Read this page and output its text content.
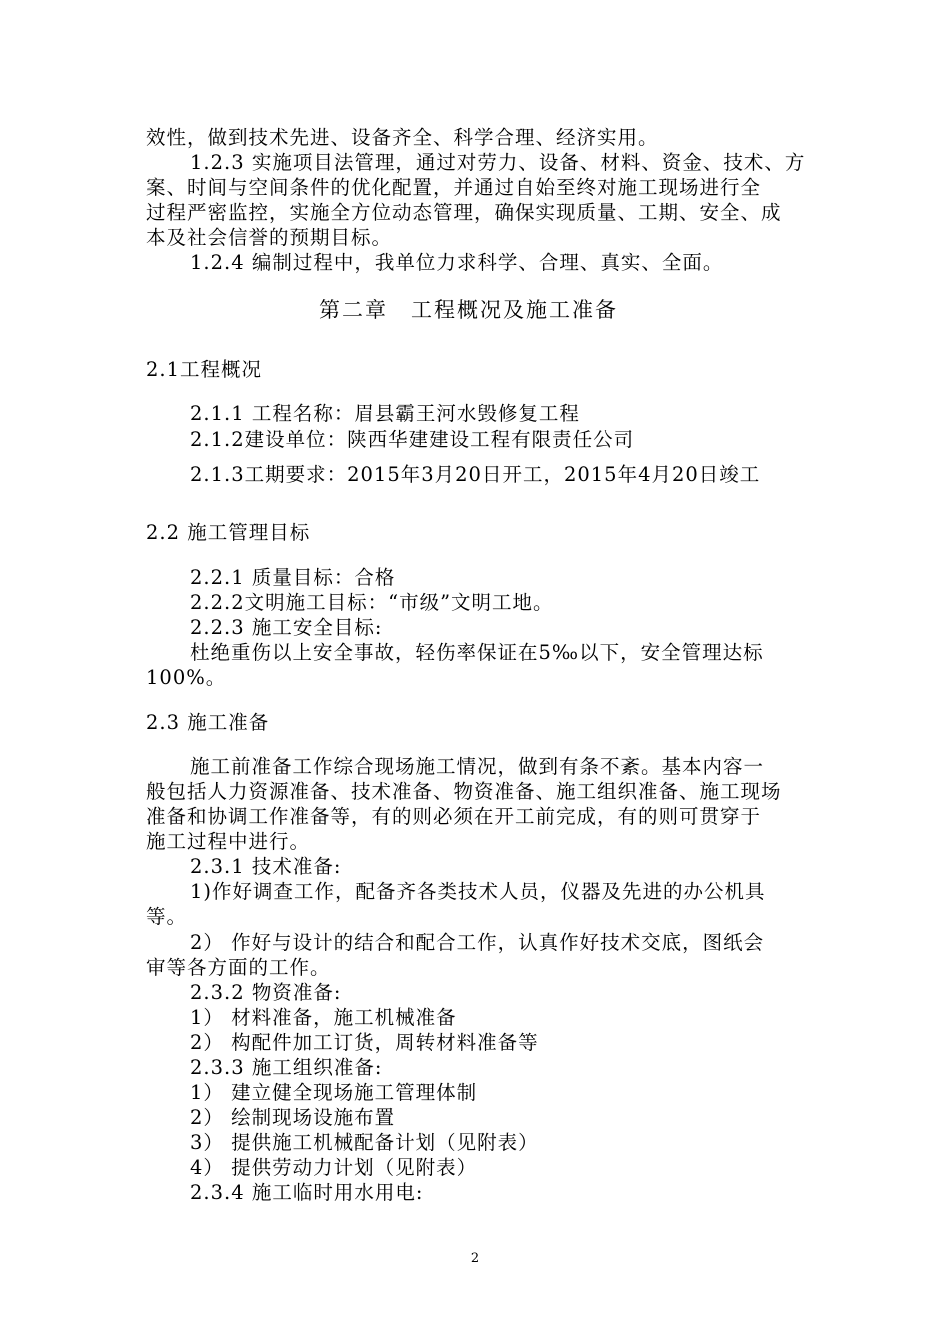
效性，做到技术先进、设备齐全、科学合理、经济实用。
1.2.3 实施项目法管理，通过对劳力、设备、材料、资金、技术、方
案、时间与空间条件的优化配置，并通过自始至终对施工现场进行全
过程严密监控，实施全方位动态管理，确保实现质量、工期、安全、成
本及社会信誉的预期目标。
1.2.4 编制过程中，我单位力求科学、合理、真实、全面。
第二章　工程概况及施工准备
2.1工程概况
2.1.1 工程名称：眉县霸王河水毁修复工程
2.1.2建设单位：陕西华建建设工程有限责任公司
2.1.3工期要求：2015年3月20日开工，2015年4月20日竣工
2.2 施工管理目标
2.2.1 质量目标：合格
2.2.2文明施工目标：“市级”文明工地。
2.2.3 施工安全目标:
杜绝重伤以上安全事故，轻伤率保证在5‰以下，安全管理达标
100%。
2.3 施工准备
施工前准备工作综合现场施工情况，做到有条不紊。基本内容一
般包括人力资源准备、技术准备、物资准备、施工组织准备、施工现场
准备和协调工作准备等，有的则必须在开工前完成，有的则可贯穿于
施工过程中进行。
2.3.1 技术准备:
1)作好调查工作，配备齐各类技术人员，仪器及先进的办公机具
等。
2） 作好与设计的结合和配合工作，认真作好技术交底，图纸会
审等各方面的工作。
2.3.2 物资准备:
1） 材料准备，施工机械准备
2） 构配件加工订货，周转材料准备等
2.3.3 施工组织准备:
1） 建立健全现场施工管理体制
2） 绘制现场设施布置
3） 提供施工机械配备计划（见附表）
4） 提供劳动力计划（见附表）
2.3.4 施工临时用水用电:
2
